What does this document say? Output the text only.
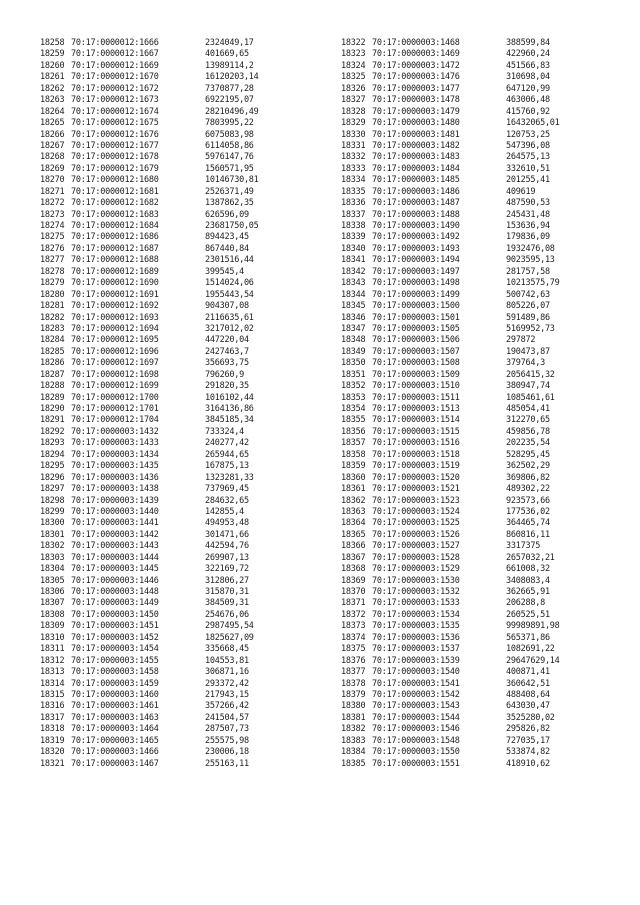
18258 70:17:0000012:1666	2324049,17
18259 70:17:0000012:1667	401669,65
18260 70:17:0000012:1669	13989114,2
18261 70:17:0000012:1670	16120203,14
18262 70:17:0000012:1672	7370877,28
18263 70:17:0000012:1673	6922195,07
18264 70:17:0000012:1674	28210496,49
18265 70:17:0000012:1675	7803995,22
18266 70:17:0000012:1676	6075083,98
18267 70:17:0000012:1677	6114058,86
18268 70:17:0000012:1678	5976147,76
18269 70:17:0000012:1679	1560571,95
18270 70:17:0000012:1680	10146730,81
18271 70:17:0000012:1681	2526371,49
18272 70:17:0000012:1682	1387862,35
18273 70:17:0000012:1683	626596,09
18274 70:17:0000012:1684	23681750,05
18275 70:17:0000012:1686	894423,45
18276 70:17:0000012:1687	867440,84
18277 70:17:0000012:1688	2301516,44
18278 70:17:0000012:1689	399545,4
18279 70:17:0000012:1690	1514024,06
18280 70:17:0000012:1691	1955443,54
18281 70:17:0000012:1692	904307,08
18282 70:17:0000012:1693	2116635,61
18283 70:17:0000012:1694	3217012,02
18284 70:17:0000012:1695	447220,04
18285 70:17:0000012:1696	2427463,7
18286 70:17:0000012:1697	356693,75
18287 70:17:0000012:1698	796260,9
18288 70:17:0000012:1699	291820,35
18289 70:17:0000012:1700	1016102,44
18290 70:17:0000012:1701	3164136,86
18291 70:17:0000012:1704	3845185,34
18292 70:17:0000003:1432	733324,4
18293 70:17:0000003:1433	240277,42
18294 70:17:0000003:1434	265944,65
18295 70:17:0000003:1435	167875,13
18296 70:17:0000003:1436	1323281,33
18297 70:17:0000003:1438	737969,45
18298 70:17:0000003:1439	284632,65
18299 70:17:0000003:1440	142855,4
18300 70:17:0000003:1441	494953,48
18301 70:17:0000003:1442	301471,66
18302 70:17:0000003:1443	442594,76
18303 70:17:0000003:1444	269907,13
18304 70:17:0000003:1445	322169,72
18305 70:17:0000003:1446	312806,27
18306 70:17:0000003:1448	315870,31
18307 70:17:0000003:1449	384509,31
18308 70:17:0000003:1450	254676,06
18309 70:17:0000003:1451	2987495,54
18310 70:17:0000003:1452	1825627,09
18311 70:17:0000003:1454	335668,45
18312 70:17:0000003:1455	104553,81
18313 70:17:0000003:1458	306871,16
18314 70:17:0000003:1459	293372,42
18315 70:17:0000003:1460	217943,15
18316 70:17:0000003:1461	357266,42
18317 70:17:0000003:1463	241504,57
18318 70:17:0000003:1464	287507,73
18319 70:17:0000003:1465	255575,98
18320 70:17:0000003:1466	230006,18
18321 70:17:0000003:1467	255163,11
18322 70:17:0000003:1468	388599,84
18323 70:17:0000003:1469	422960,24
18324 70:17:0000003:1472	451566,83
18325 70:17:0000003:1476	310698,04
18326 70:17:0000003:1477	647120,99
18327 70:17:0000003:1478	463006,48
18328 70:17:0000003:1479	415760,92
18329 70:17:0000003:1480	16432065,01
18330 70:17:0000003:1481	120753,25
18331 70:17:0000003:1482	547396,08
18332 70:17:0000003:1483	264575,13
18333 70:17:0000003:1484	332610,51
18334 70:17:0000003:1485	201255,41
18335 70:17:0000003:1486	409619
18336 70:17:0000003:1487	487590,53
18337 70:17:0000003:1488	245431,48
18338 70:17:0000003:1490	153636,94
18339 70:17:0000003:1492	179836,09
18340 70:17:0000003:1493	1932476,08
18341 70:17:0000003:1494	9023595,13
18342 70:17:0000003:1497	281757,58
18343 70:17:0000003:1498	10213575,79
18344 70:17:0000003:1499	500742,63
18345 70:17:0000003:1500	805226,07
18346 70:17:0000003:1501	591489,86
18347 70:17:0000003:1505	5169952,73
18348 70:17:0000003:1506	297872
18349 70:17:0000003:1507	190473,87
18350 70:17:0000003:1508	379764,3
18351 70:17:0000003:1509	2056415,32
18352 70:17:0000003:1510	380947,74
18353 70:17:0000003:1511	1085461,61
18354 70:17:0000003:1513	485054,41
18355 70:17:0000003:1514	312270,65
18356 70:17:0000003:1515	459856,78
18357 70:17:0000003:1516	202235,54
18358 70:17:0000003:1518	528295,45
18359 70:17:0000003:1519	362502,29
18360 70:17:0000003:1520	369806,82
18361 70:17:0000003:1521	489302,22
18362 70:17:0000003:1523	923573,66
18363 70:17:0000003:1524	177536,02
18364 70:17:0000003:1525	364465,74
18365 70:17:0000003:1526	860816,11
18366 70:17:0000003:1527	3317375
18367 70:17:0000003:1528	2657032,21
18368 70:17:0000003:1529	661008,32
18369 70:17:0000003:1530	3408083,4
18370 70:17:0000003:1532	362665,91
18371 70:17:0000003:1533	206288,8
18372 70:17:0000003:1534	260525,51
18373 70:17:0000003:1535	99989891,98
18374 70:17:0000003:1536	565371,86
18375 70:17:0000003:1537	1082691,22
18376 70:17:0000003:1539	29647629,14
18377 70:17:0000003:1540	400871,41
18378 70:17:0000003:1541	360642,51
18379 70:17:0000003:1542	488408,64
18380 70:17:0000003:1543	643030,47
18381 70:17:0000003:1544	3525280,02
18382 70:17:0000003:1546	295826,82
18383 70:17:0000003:1548	727035,17
18384 70:17:0000003:1550	533874,82
18385 70:17:0000003:1551	418910,62
